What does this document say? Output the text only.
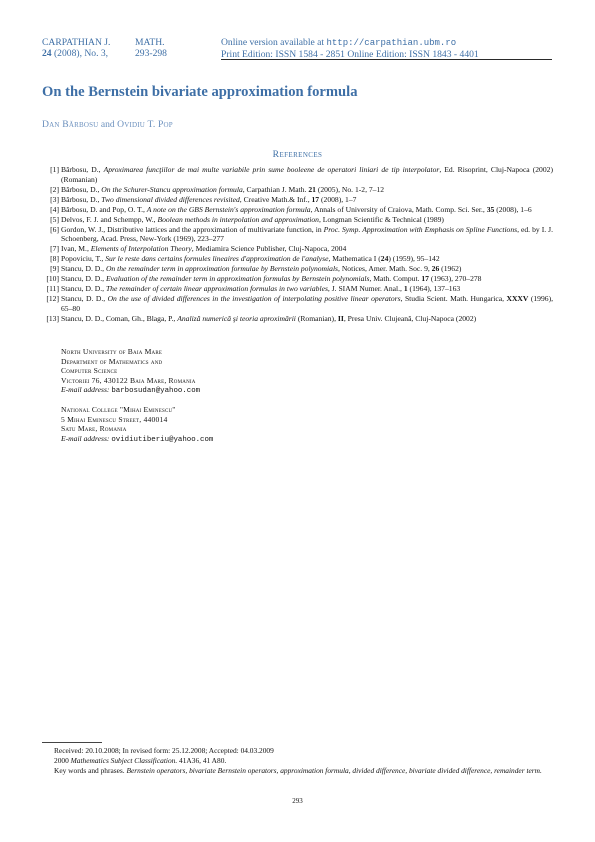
CARPATHIAN J.
24 (2008), No. 3,
MATH.
293-298
Online version available at http://carpathian.ubm.ro
Print Edition: ISSN 1584 - 2851 Online Edition: ISSN 1843 - 4401
On the Bernstein bivariate approximation formula
Dan Bărbosu and Ovidiu T. Pop
References
[1] Bărbosu, D., Aproximarea funcţiilor de mai multe variabile prin sume booleene de operatori liniari de tip interpolator, Ed. Risoprint, Cluj-Napoca (2002) (Romanian)
[2] Bărbosu, D., On the Schurer-Stancu approximation formula, Carpathian J. Math. 21 (2005), No. 1-2, 7–12
[3] Bărbosu, D., Two dimensional divided differences revisited, Creative Math.& Inf., 17 (2008), 1–7
[4] Bărbosu, D. and Pop, O. T., A note on the GBS Bernstein's approximation formula, Annals of University of Craiova, Math. Comp. Sci. Ser., 35 (2008), 1–6
[5] Delvos, F. J. and Schempp, W., Boolean methods in interpolation and approximation, Longman Scientific & Technical (1989)
[6] Gordon, W. J., Distributive lattices and the approximation of multivariate function, in Proc. Symp. Approximation with Emphasis on Spline Functions, ed. by I. J. Schoenberg, Acad. Press, New-York (1969), 223–277
[7] Ivan, M., Elements of Interpolation Theory, Mediamira Science Publisher, Cluj-Napoca, 2004
[8] Popoviciu, T., Sur le reste dans certains formules lineaires d'approximation de l'analyse, Mathematica I (24) (1959), 95–142
[9] Stancu, D. D., On the remainder term in approximation formulae by Bernstein polynomials, Notices, Amer. Math. Soc. 9, 26 (1962)
[10] Stancu, D. D., Evaluation of the remainder term in approximation formulas by Bernstein polynomials, Math. Comput. 17 (1963), 270–278
[11] Stancu, D. D., The remainder of certain linear approximation formulas in two variables, J. SIAM Numer. Anal., 1 (1964), 137–163
[12] Stancu, D. D., On the use of divided differences in the investigation of interpolating positive linear operators, Studia Scient. Math. Hungarica, XXXV (1996), 65–80
[13] Stancu, D. D., Coman, Gh., Blaga, P., Analiză numerică şi teoria aproximării (Romanian), II, Presa Univ. Clujeană, Cluj-Napoca (2002)
North University of Baia Mare
Department of Mathematics and
Computer Science
Victoriei 76, 430122 Baia Mare, Romania
E-mail address: barbosudan@yahoo.com
National College "Mihai Eminescu"
5 Mihai Eminescu Street, 440014
Satu Mare, Romania
E-mail address: ovidiutiberiu@yahoo.com
Received: 20.10.2008; In revised form: 25.12.2008; Accepted: 04.03.2009
2000 Mathematics Subject Classification. 41A36, 41 A80.
Key words and phrases. Bernstein operators, bivariate Bernstein operators, approximation formula, divided difference, bivariate divided difference, remainder term.
293
